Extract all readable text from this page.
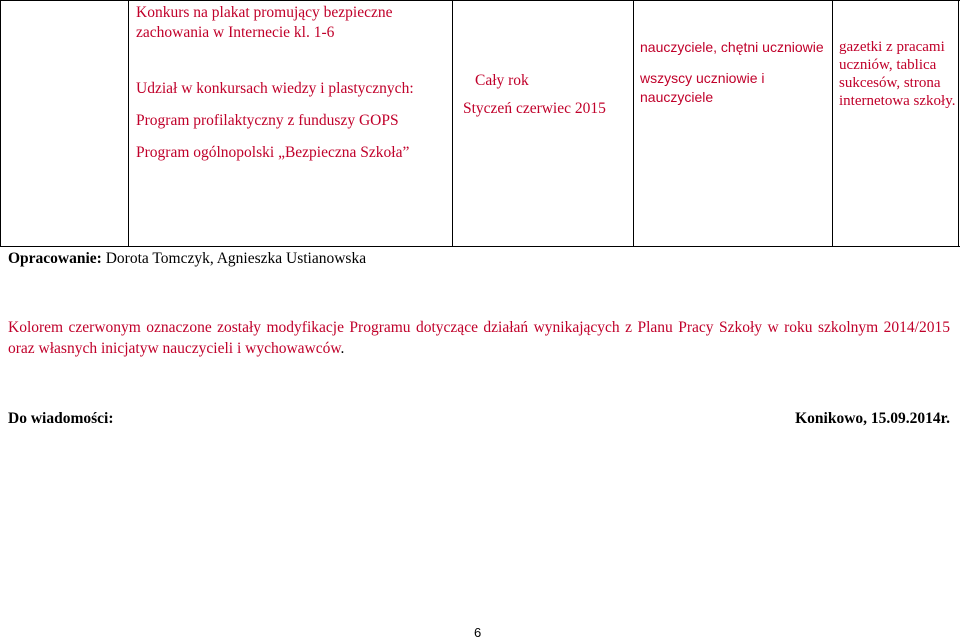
Konkurs na plakat promujący bezpieczne zachowania w Internecie kl. 1-6

Udział w konkursach wiedzy i plastycznych:

Program profilaktyczny z funduszy GOPS

Program ogólnopolski „Bezpieczna Szkoła”

Cały rok
Styczeń czerwiec 2015
nauczyciele, chętni uczniowie
wszyscy uczniowie i nauczyciele
gazetki z pracami uczniów, tablica sukcesów, strona internetowa szkoły.
Opracowanie: Dorota Tomczyk, Agnieszka Ustianowska
Kolorem czerwonym oznaczone zostały modyfikacje Programu dotyczące działań wynikających z Planu Pracy Szkoły w roku szkolnym 2014/2015 oraz własnych inicjatyw nauczycieli i wychowawców.
Do wiadomości:	Konikowo, 15.09.2014r.
6
